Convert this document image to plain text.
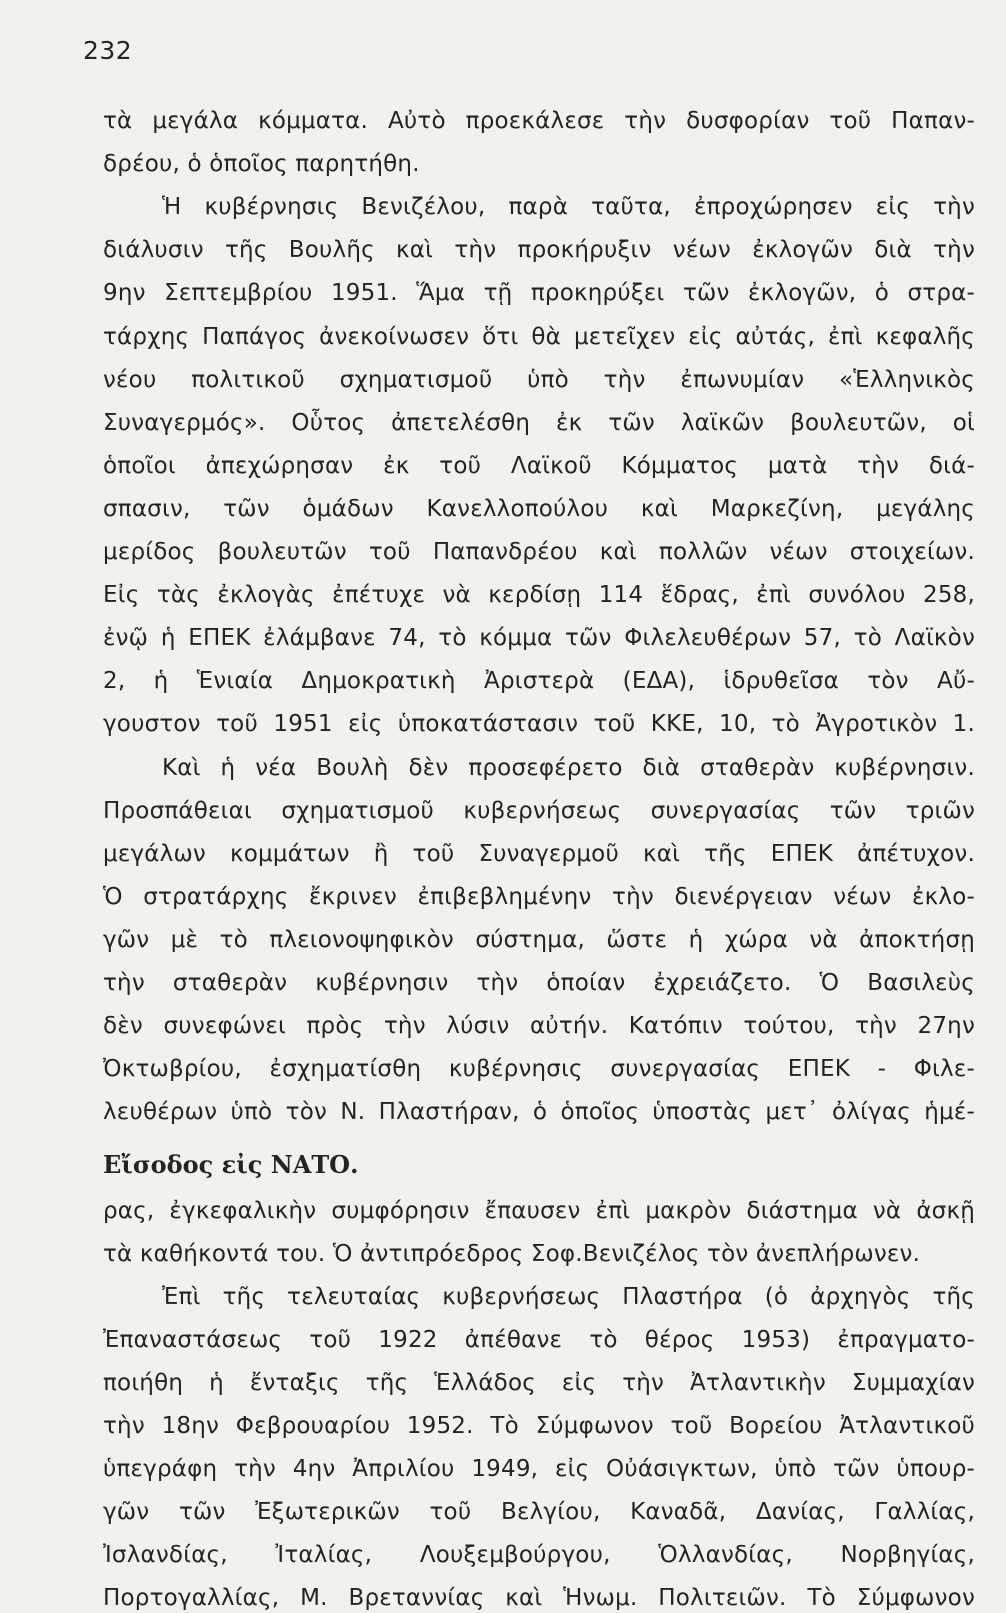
232
τὰ μεγάλα κόμματα. Αὐτὸ προεκάλεσε τὴν δυσφορίαν τοῦ Παπαν-
δρέου, ὁ ὁποῖος παρητήθη.
Ἡ κυβέρνησις Βενιζέλου, παρὰ ταῦτα, ἐπροχώρησεν εἰς τὴν
διάλυσιν τῆς Βουλῆς καὶ τὴν προκήρυξιν νέων ἐκλογῶν διὰ τὴν
9ην Σεπτεμβρίου 1951. Ἅμα τῇ προκηρύξει τῶν ἐκλογῶν, ὁ στρα-
τάρχης Παπάγος ἀνεκοίνωσεν ὅτι θὰ μετεῖχεν εἰς αὐτάς, ἐπὶ κεφαλῆς
νέου πολιτικοῦ σχηματισμοῦ ὑπὸ τὴν ἐπωνυμίαν «Ἑλληνικὸς
Συναγερμός». Οὗτος ἀπετελέσθη ἐκ τῶν λαϊκῶν βουλευτῶν, οἱ
ὁποῖοι ἀπεχώρησαν ἐκ τοῦ Λαϊκοῦ Κόμματος ματὰ τὴν διά-
σπασιν, τῶν ὁμάδων Κανελλοπούλου καὶ Μαρκεζίνη, μεγάλης
μερίδος βουλευτῶν τοῦ Παπανδρέου καὶ πολλῶν νέων στοιχείων.
Εἰς τὰς ἐκλογὰς ἐπέτυχε νὰ κερδίσῃ 114 ἕδρας, ἐπὶ συνόλου 258,
ἐνῷ ἡ ΕΠΕΚ ἐλάμβανε 74, τὸ κόμμα τῶν Φιλελευθέρων 57, τὸ Λαϊκὸν
2, ἡ Ἑνιαία Δημοκρατικὴ Ἀριστερὰ (ΕΔΑ), ἱδρυθεῖσα τὸν Αὔ-
γουστον τοῦ 1951 εἰς ὑποκατάστασιν τοῦ ΚΚΕ, 10, τὸ Ἀγροτικὸν 1.
Καὶ ἡ νέα Βουλὴ δὲν προσεφέρετο διὰ σταθερὰν κυβέρνησιν.
Προσπάθειαι σχηματισμοῦ κυβερνήσεως συνεργασίας τῶν τριῶν
μεγάλων κομμάτων ἢ τοῦ Συναγερμοῦ καὶ τῆς ΕΠΕΚ ἀπέτυχον.
Ὁ στρατάρχης ἔκρινεν ἐπιβεβλημένην τὴν διενέργειαν νέων ἐκλο-
γῶν μὲ τὸ πλειονοψηφικὸν σύστημα, ὥστε ἡ χώρα νὰ ἀποκτήσῃ
τὴν σταθερὰν κυβέρνησιν τὴν ὁποίαν ἐχρειάζετο. Ὁ Βασιλεὺς
δὲν συνεφώνει πρὸς τὴν λύσιν αὐτήν. Κατόπιν τούτου, τὴν 27ην
Ὀκτωβρίου, ἐσχηματίσθη κυβέρνησις συνεργασίας ΕΠΕΚ - Φιλε-
λευθέρων ὑπὸ τὸν Ν. Πλαστήραν, ὁ ὁποῖος ὑποστὰς μετ᾽ ὀλίγας ἡμέ-
ρας, ἐγκεφαλικὴν συμφόρησιν ἔπαυσεν ἐπὶ μακρὸν διάστημα νὰ ἀσκῇ
τὰ καθήκοντά του. Ὁ ἀντιπρόεδρος Σοφ.Βενιζέλος τὸν ἀνεπλήρωνεν.
Εἴσοδος εἰς ΝΑΤΟ.
Ἐπὶ τῆς τελευταίας κυβερνήσεως Πλαστήρα (ὁ ἀρχηγὸς τῆς
Ἐπαναστάσεως τοῦ 1922 ἀπέθανε τὸ θέρος 1953) ἐπραγματο-
ποιήθη ἡ ἔνταξις τῆς Ἑλλάδος εἰς τὴν Ἀτλαντικὴν Συμμαχίαν
τὴν 18ην Φεβρουαρίου 1952. Τὸ Σύμφωνον τοῦ Βορείου Ἀτλαντικοῦ
ὑπεγράφη τὴν 4ην Ἀπριλίου 1949, εἰς Οὐάσιγκτων, ὑπὸ τῶν ὑπουρ-
γῶν τῶν Ἐξωτερικῶν τοῦ Βελγίου, Καναδᾶ, Δανίας, Γαλλίας,
Ἰσλανδίας, Ἰταλίας, Λουξεμβούργου, Ὁλλανδίας, Νορβηγίας,
Πορτογαλλίας, Μ. Βρεταννίας καὶ Ἡνωμ. Πολιτειῶν. Τὸ Σύμφωνον
